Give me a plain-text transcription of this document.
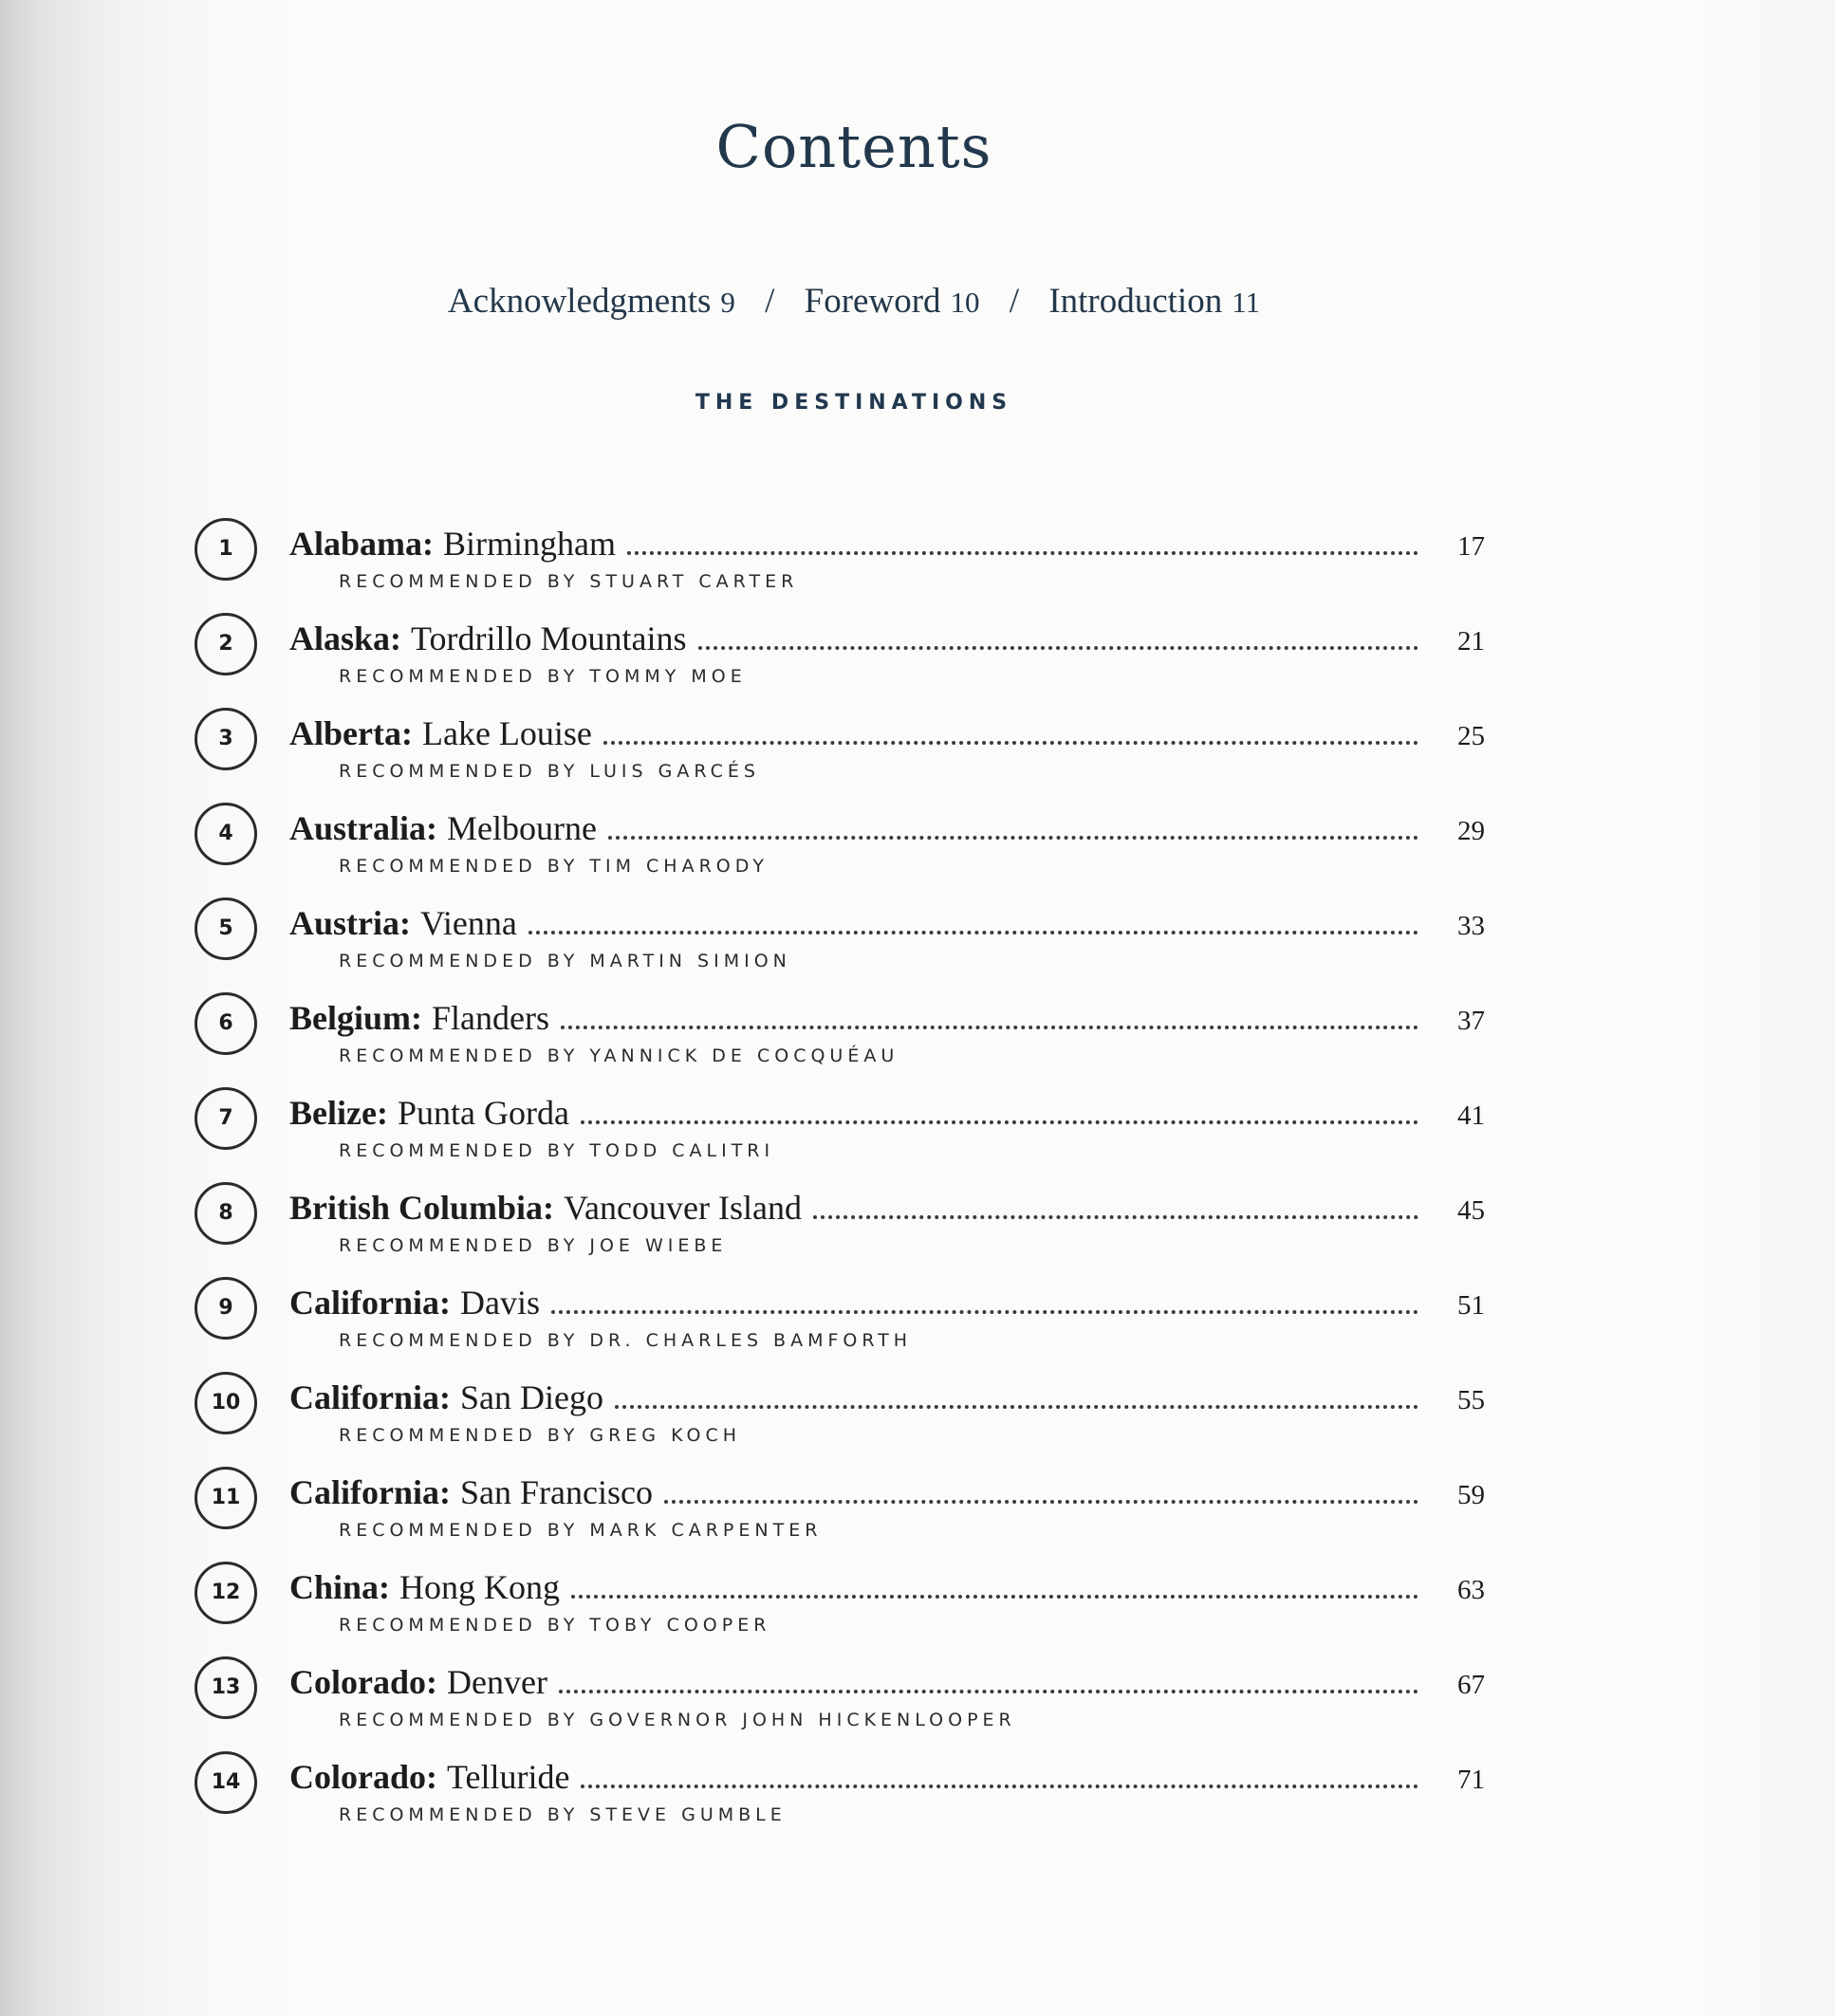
Contents
Acknowledgments 9 / Foreword 10 / Introduction 11
THE DESTINATIONS
1	Alabama: Birmingham	17
RECOMMENDED BY STUART CARTER
2	Alaska: Tordrillo Mountains	21
RECOMMENDED BY TOMMY MOE
3	Alberta: Lake Louise	25
RECOMMENDED BY LUIS GARCÉS
4	Australia: Melbourne	29
RECOMMENDED BY TIM CHARODY
5	Austria: Vienna	33
RECOMMENDED BY MARTIN SIMION
6	Belgium: Flanders	37
RECOMMENDED BY YANNICK DE COCQUÉAU
7	Belize: Punta Gorda	41
RECOMMENDED BY TODD CALITRI
8	British Columbia: Vancouver Island	45
RECOMMENDED BY JOE WIEBE
9	California: Davis	51
RECOMMENDED BY DR. CHARLES BAMFORTH
10	California: San Diego	55
RECOMMENDED BY GREG KOCH
11	California: San Francisco	59
RECOMMENDED BY MARK CARPENTER
12	China: Hong Kong	63
RECOMMENDED BY TOBY COOPER
13	Colorado: Denver	67
RECOMMENDED BY GOVERNOR JOHN HICKENLOOPER
14	Colorado: Telluride	71
RECOMMENDED BY STEVE GUMBLE
